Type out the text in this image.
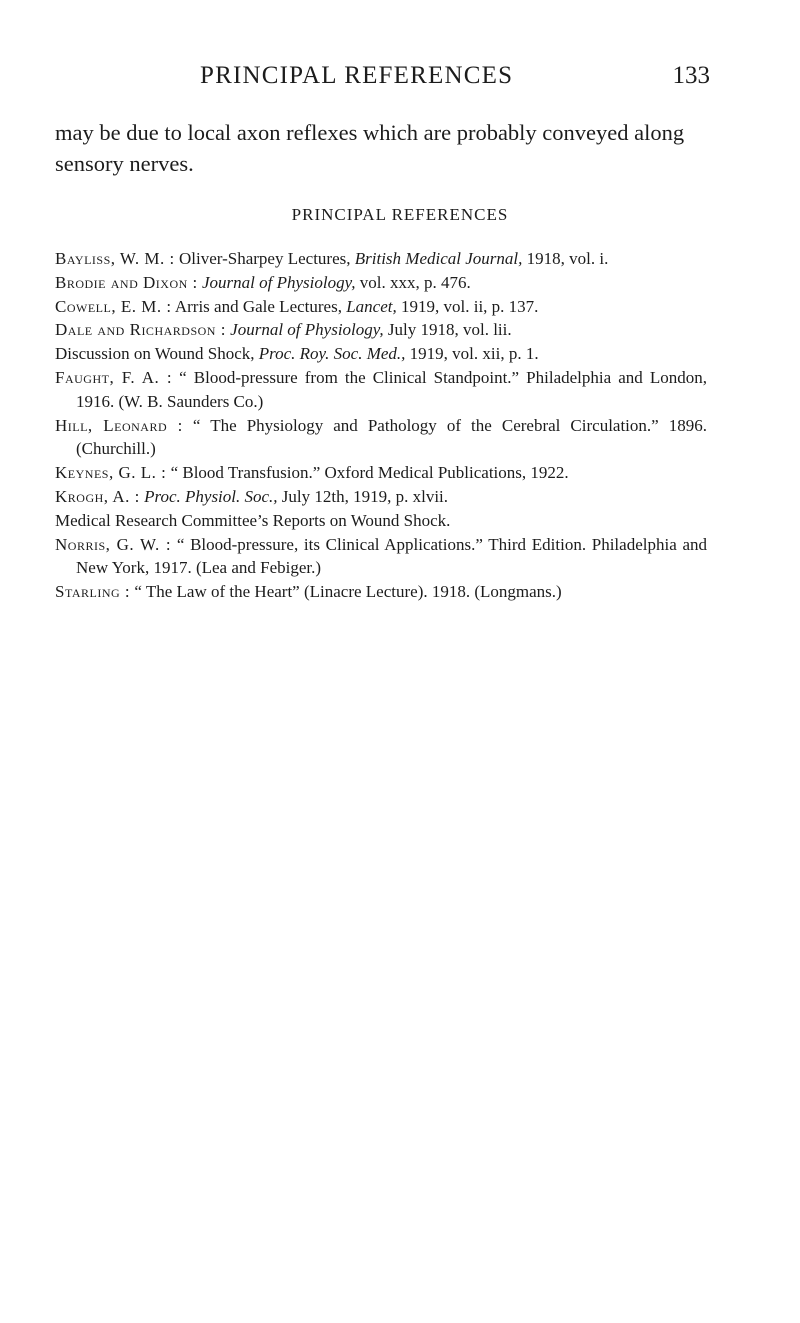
PRINCIPAL REFERENCES	133

may be due to local axon reflexes which are probably conveyed along sensory nerves.

PRINCIPAL REFERENCES
Bayliss, W. M. : Oliver-Sharpey Lectures, British Medical Journal, 1918, vol. i.
Brodie and Dixon : Journal of Physiology, vol. xxx, p. 476.
Cowell, E. M. : Arris and Gale Lectures, Lancet, 1919, vol. ii, p. 137.
Dale and Richardson : Journal of Physiology, July 1918, vol. lii.
Discussion on Wound Shock, Proc. Roy. Soc. Med., 1919, vol. xii, p. 1.
Faught, F. A. : “ Blood-pressure from the Clinical Standpoint.” Philadelphia and London, 1916. (W. B. Saunders Co.)
Hill, Leonard : “ The Physiology and Pathology of the Cerebral Circulation.” 1896. (Churchill.)
Keynes, G. L. : “ Blood Transfusion.” Oxford Medical Publications, 1922.
Krogh, A. : Proc. Physiol. Soc., July 12th, 1919, p. xlvii.
Medical Research Committee’s Reports on Wound Shock.
Norris, G. W. : “ Blood-pressure, its Clinical Applications.” Third Edition. Philadelphia and New York, 1917. (Lea and Febiger.)
Starling : “ The Law of the Heart” (Linacre Lecture). 1918. (Longmans.)
